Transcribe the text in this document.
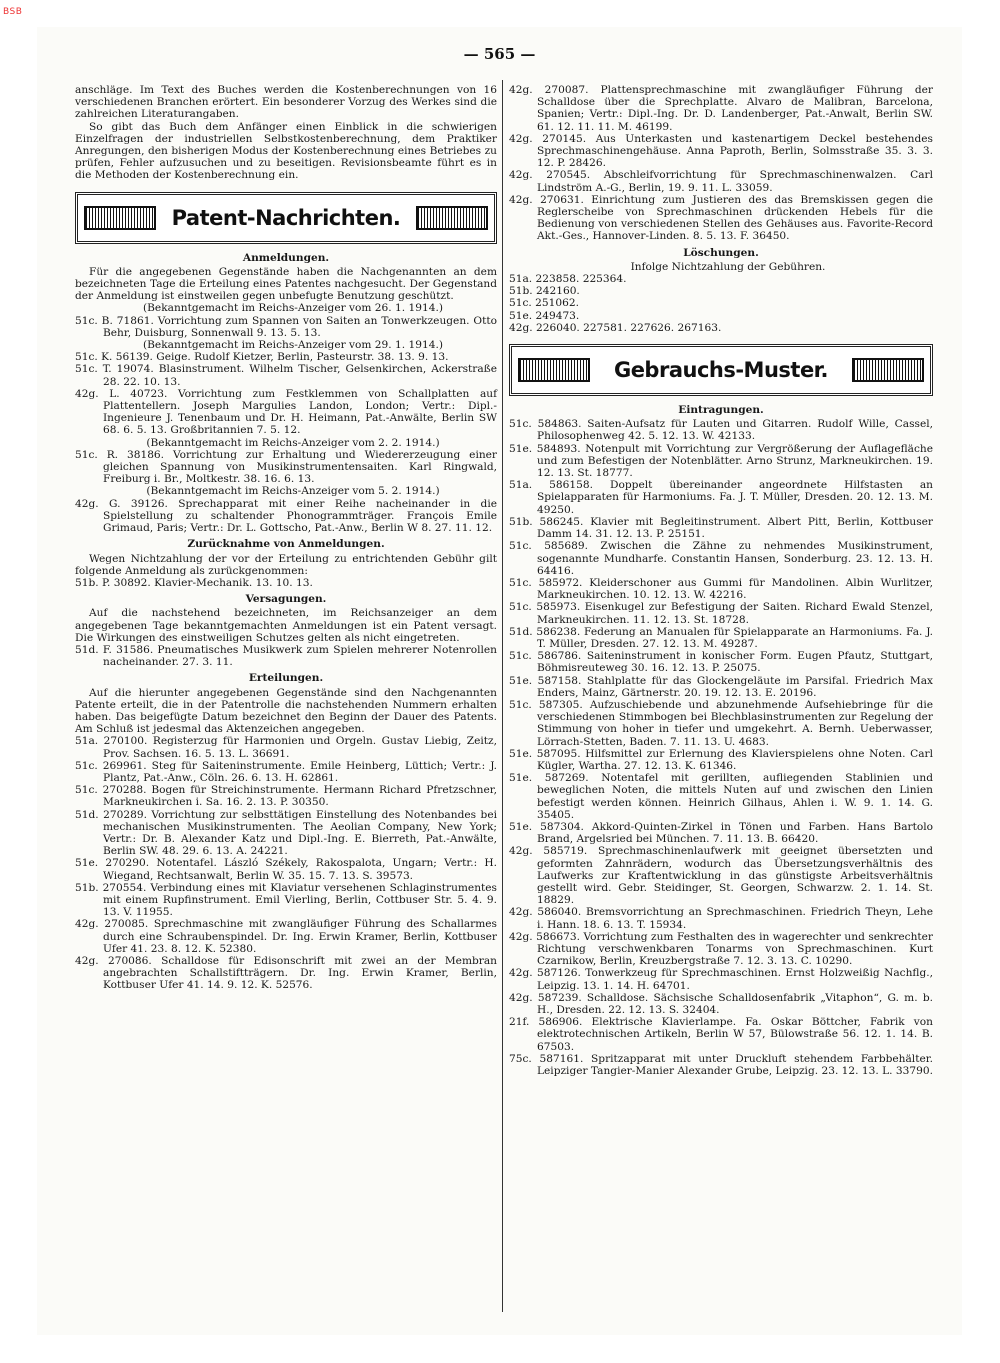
BSB
— 565 —

anschläge. Im Text des Buches werden die Kostenberechnungen von 16 verschiedenen Branchen erörtert. Ein besonderer Vorzug des Werkes sind die zahlreichen Literaturangaben.

So gibt das Buch dem Anfänger einen Einblick in die schwierigen Einzelfragen der industriellen Selbstkostenberechnung, dem Praktiker Anregungen, den bisherigen Modus der Kostenberechnung eines Betriebes zu prüfen, Fehler aufzusuchen und zu beseitigen. Revisionsbeamte führt es in die Methoden der Kostenberechnung ein.

Patent-Nachrichten.
Anmeldungen.

Für die angegebenen Gegenstände haben die Nachgenannten an dem bezeichneten Tage die Erteilung eines Patentes nachgesucht. Der Gegenstand der Anmeldung ist einstweilen gegen unbefugte Benutzung geschützt.

(Bekanntgemacht im Reichs-Anzeiger vom 26. 1. 1914.)

51c. B. 71861. Vorrichtung zum Spannen von Saiten an Tonwerkzeugen. Otto Behr, Duisburg, Sonnenwall 9. 13. 5. 13.

(Bekanntgemacht im Reichs-Anzeiger vom 29. 1. 1914.)

51c. K. 56139. Geige. Rudolf Kietzer, Berlin, Pasteurstr. 38. 13. 9. 13.

51c. T. 19074. Blasinstrument. Wilhelm Tischer, Gelsenkirchen, Ackerstraße 28. 22. 10. 13.

42g. L. 40723. Vorrichtung zum Festklemmen von Schallplatten auf Plattentellern. Joseph Margulies Landon, London; Vertr.: Dipl.-Ingenieure J. Tenenbaum und Dr. H. Heimann, Pat.-Anwälte, Berlin SW 68. 6. 5. 13. Großbritannien 7. 5. 12.

(Bekanntgemacht im Reichs-Anzeiger vom 2. 2. 1914.)

51c. R. 38186. Vorrichtung zur Erhaltung und Wiedererzeugung einer gleichen Spannung von Musikinstrumentensaiten. Karl Ringwald, Freiburg i. Br., Moltkestr. 38. 16. 6. 13.

(Bekanntgemacht im Reichs-Anzeiger vom 5. 2. 1914.)

42g. G. 39126. Sprechapparat mit einer Reihe nacheinander in die Spielstellung zu schaltender Phonogrammträger. François Emile Grimaud, Paris; Vertr.: Dr. L. Gottscho, Pat.-Anw., Berlin W 8. 27. 11. 12.

Zurücknahme von Anmeldungen.

Wegen Nichtzahlung der vor der Erteilung zu entrichtenden Gebühr gilt folgende Anmeldung als zurückgenommen:

51b. P. 30892. Klavier-Mechanik. 13. 10. 13.

Versagungen.

Auf die nachstehend bezeichneten, im Reichsanzeiger an dem angegebenen Tage bekanntgemachten Anmeldungen ist ein Patent versagt. Die Wirkungen des einstweiligen Schutzes gelten als nicht eingetreten.

51d. F. 31586. Pneumatisches Musikwerk zum Spielen mehrerer Notenrollen nacheinander. 27. 3. 11.

Erteilungen.

Auf die hierunter angegebenen Gegenstände sind den Nachgenannten Patente erteilt, die in der Patentrolle die nachstehenden Nummern erhalten haben. Das beigefügte Datum bezeichnet den Beginn der Dauer des Patents. Am Schluß ist jedesmal das Aktenzeichen angegeben.

51a. 270100. Registerzug für Harmonien und Orgeln. Gustav Liebig, Zeitz, Prov. Sachsen. 16. 5. 13. L. 36691.

51c. 269961. Steg für Saiteninstrumente. Emile Heinberg, Lüttich; Vertr.: J. Plantz, Pat.-Anw., Cöln. 26. 6. 13. H. 62861.

51c. 270288. Bogen für Streichinstrumente. Hermann Richard Pfretzschner, Markneukirchen i. Sa. 16. 2. 13. P. 30350.

51d. 270289. Vorrichtung zur selbsttätigen Einstellung des Notenbandes bei mechanischen Musikinstrumenten. The Aeolian Company, New York; Vertr.: Dr. B. Alexander Katz und Dipl.-Ing. E. Bierreth, Pat.-Anwälte, Berlin SW. 48. 29. 6. 13. A. 24221.

51e. 270290. Notentafel. László Székely, Rakospalota, Ungarn; Vertr.: H. Wiegand, Rechtsanwalt, Berlin W. 35. 15. 7. 13. S. 39573.

51b. 270554. Verbindung eines mit Klaviatur versehenen Schlaginstrumentes mit einem Rupfinstrument. Emil Vierling, Berlin, Cottbuser Str. 5. 4. 9. 13. V. 11955.

42g. 270085. Sprechmaschine mit zwangläufiger Führung des Schallarmes durch eine Schraubenspindel. Dr. Ing. Erwin Kramer, Berlin, Kottbuser Ufer 41. 23. 8. 12. K. 52380.

42g. 270086. Schalldose für Edisonschrift mit zwei an der Membran angebrachten Schallstiftträgern. Dr. Ing. Erwin Kramer, Berlin, Kottbuser Ufer 41. 14. 9. 12. K. 52576.

42g. 270087. Plattensprechmaschine mit zwangläufiger Führung der Schalldose über die Sprechplatte. Alvaro de Malibran, Barcelona, Spanien; Vertr.: Dipl.-Ing. Dr. D. Landenberger, Pat.-Anwalt, Berlin SW. 61. 12. 11. 11. M. 46199.

42g. 270145. Aus Unterkasten und kastenartigem Deckel bestehendes Sprechmaschinengehäuse. Anna Paproth, Berlin, Solmsstraße 35. 3. 3. 12. P. 28426.

42g. 270545. Abschleifvorrichtung für Sprechmaschinenwalzen. Carl Lindström A.-G., Berlin, 19. 9. 11. L. 33059.

42g. 270631. Einrichtung zum Justieren des das Bremskissen gegen die Reglerscheibe von Sprechmaschinen drückenden Hebels für die Bedienung von verschiedenen Stellen des Gehäuses aus. Favorite-Record Akt.-Ges., Hannover-Linden. 8. 5. 13. F. 36450.

Löschungen.

Infolge Nichtzahlung der Gebühren.

51a. 223858. 225364.

51b. 242160.

51c. 251062.

51e. 249473.

42g. 226040. 227581. 227626. 267163.

Gebrauchs-Muster.
Eintragungen.

51c. 584863. Saiten-Aufsatz für Lauten und Gitarren. Rudolf Wille, Cassel, Philosophenweg 42. 5. 12. 13. W. 42133.

51e. 584893. Notenpult mit Vorrichtung zur Vergrößerung der Auflagefläche und zum Befestigen der Notenblätter. Arno Strunz, Markneukirchen. 19. 12. 13. St. 18777.

51a. 586158. Doppelt übereinander angeordnete Hilfstasten an Spielapparaten für Harmoniums. Fa. J. T. Müller, Dresden. 20. 12. 13. M. 49250.

51b. 586245. Klavier mit Begleitinstrument. Albert Pitt, Berlin, Kottbuser Damm 14. 31. 12. 13. P. 25151.

51c. 585689. Zwischen die Zähne zu nehmendes Musikinstrument, sogenannte Mundharfe. Constantin Hansen, Sonderburg. 23. 12. 13. H. 64416.

51c. 585972. Kleiderschoner aus Gummi für Mandolinen. Albin Wurlitzer, Markneukirchen. 10. 12. 13. W. 42216.

51c. 585973. Eisenkugel zur Befestigung der Saiten. Richard Ewald Stenzel, Markneukirchen. 11. 12. 13. St. 18728.

51d. 586238. Federung an Manualen für Spielapparate an Harmoniums. Fa. J. T. Müller, Dresden. 27. 12. 13. M. 49287.

51c. 586786. Saiteninstrument in konischer Form. Eugen Pfautz, Stuttgart, Böhmisreuteweg 30. 16. 12. 13. P. 25075.

51e. 587158. Stahlplatte für das Glockengeläute im Parsifal. Friedrich Max Enders, Mainz, Gärtnerstr. 20. 19. 12. 13. E. 20196.

51c. 587305. Aufzuschiebende und abzunehmende Aufsehiebringe für die verschiedenen Stimmbogen bei Blechblasinstrumenten zur Regelung der Stimmung von hoher in tiefer und umgekehrt. A. Bernh. Ueberwasser, Lörrach-Stetten, Baden. 7. 11. 13. U. 4683.

51e. 587095. Hilfsmittel zur Erlernung des Klavierspielens ohne Noten. Carl Kügler, Wartha. 27. 12. 13. K. 61346.

51e. 587269. Notentafel mit gerillten, aufliegenden Stablinien und beweglichen Noten, die mittels Nuten auf und zwischen den Linien befestigt werden können. Heinrich Gilhaus, Ahlen i. W. 9. 1. 14. G. 35405.

51e. 587304. Akkord-Quinten-Zirkel in Tönen und Farben. Hans Bartolo Brand, Argelsried bei München. 7. 11. 13. B. 66420.

42g. 585719. Sprechmaschinenlaufwerk mit geeignet übersetzten und geformten Zahnrädern, wodurch das Übersetzungsverhältnis des Laufwerks zur Kraftentwicklung in das günstigste Arbeitsverhältnis gestellt wird. Gebr. Steidinger, St. Georgen, Schwarzw. 2. 1. 14. St. 18829.

42g. 586040. Bremsvorrichtung an Sprechmaschinen. Friedrich Theyn, Lehe i. Hann. 18. 6. 13. T. 15934.

42g. 586673. Vorrichtung zum Festhalten des in wagerechter und senkrechter Richtung verschwenkbaren Tonarms von Sprechmaschinen. Kurt Czarnikow, Berlin, Kreuzbergstraße 7. 12. 3. 13. C. 10290.

42g. 587126. Tonwerkzeug für Sprechmaschinen. Ernst Holzweißig Nachflg., Leipzig. 13. 1. 14. H. 64701.

42g. 587239. Schalldose. Sächsische Schalldosenfabrik „Vitaphon“, G. m. b. H., Dresden. 22. 12. 13. S. 32404.

21f. 586906. Elektrische Klavierlampe. Fa. Oskar Böttcher, Fabrik von elektrotechnischen Artikeln, Berlin W 57, Bülowstraße 56. 12. 1. 14. B. 67503.

75c. 587161. Spritzapparat mit unter Druckluft stehendem Farbbehälter. Leipziger Tangier-Manier Alexander Grube, Leipzig. 23. 12. 13. L. 33790.
